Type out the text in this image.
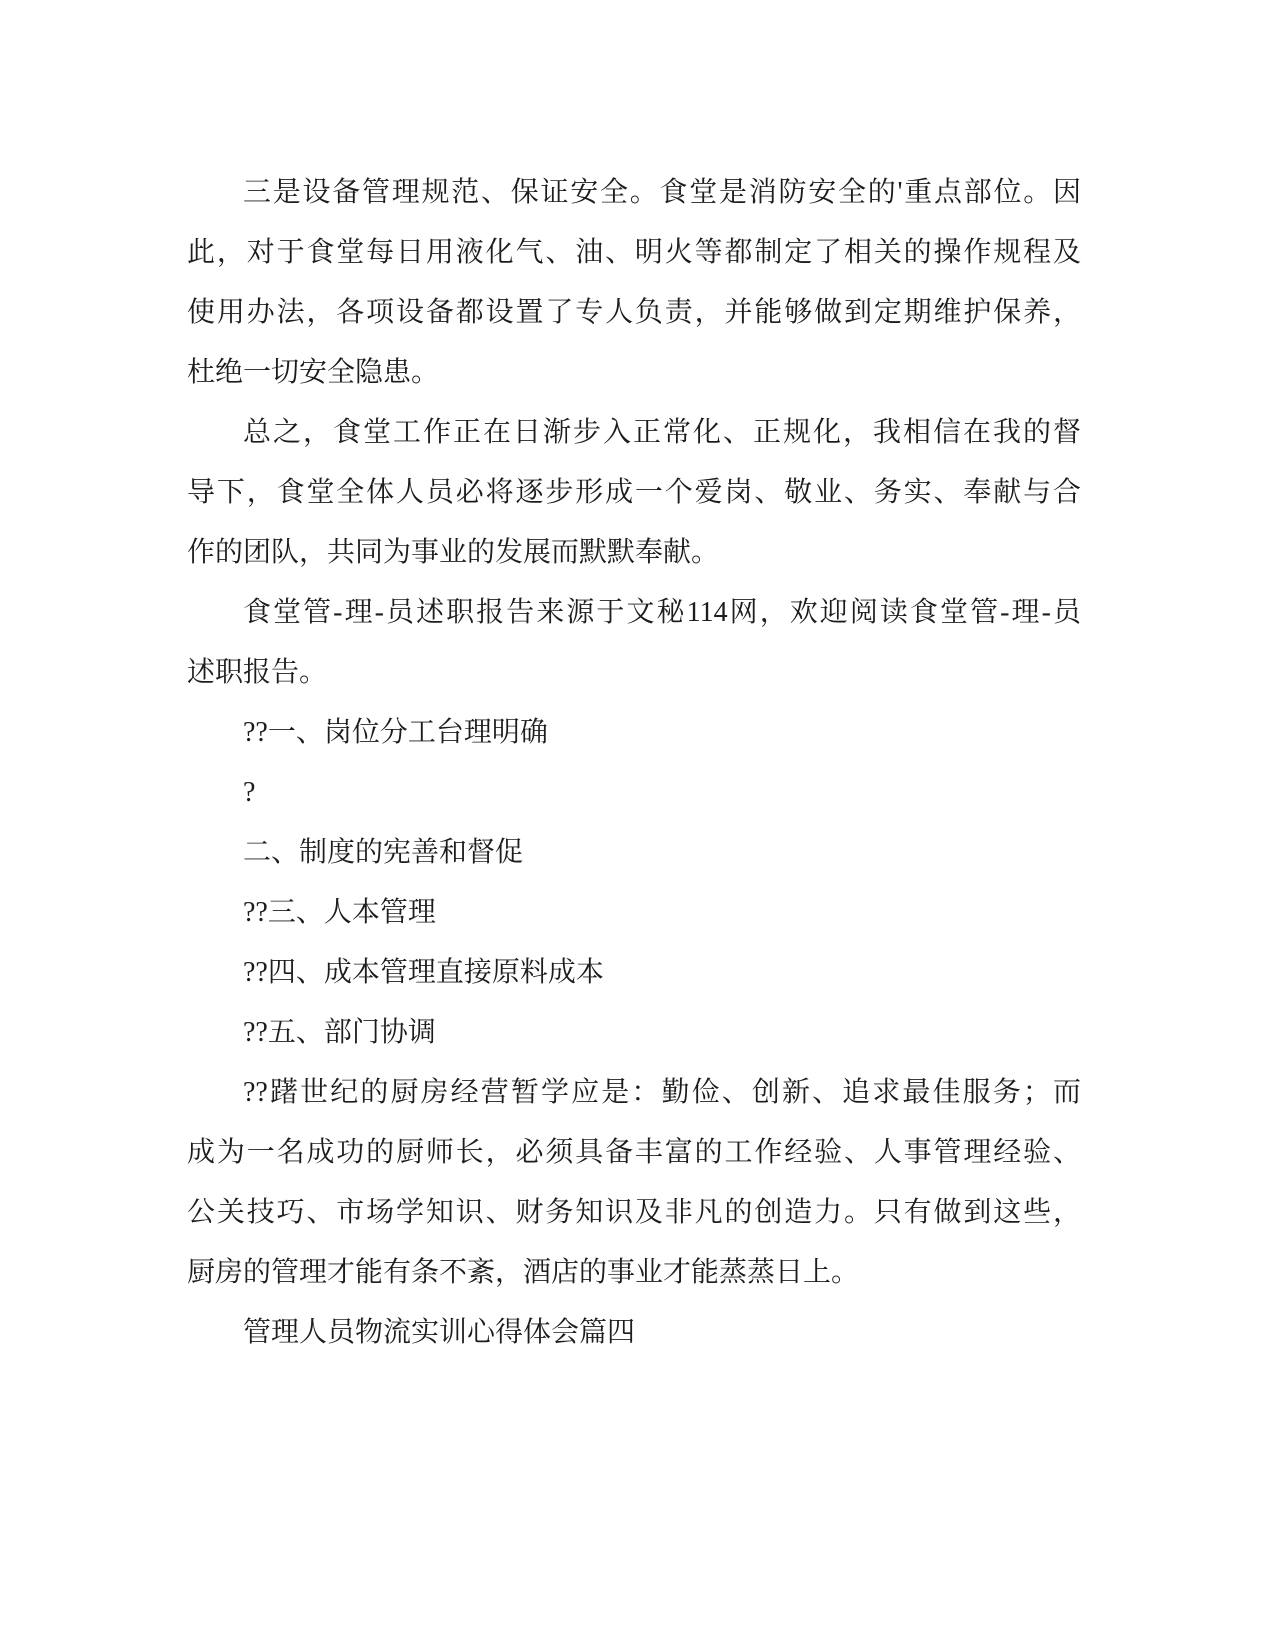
三是设备管理规范、保证安全。食堂是消防安全的'重点部位。因
此，对于食堂每日用液化气、油、明火等都制定了相关的操作规程及
使用办法，各项设备都设置了专人负责，并能够做到定期维护保养，
杜绝一切安全隐患。
总之，食堂工作正在日渐步入正常化、正规化，我相信在我的督
导下，食堂全体人员必将逐步形成一个爱岗、敬业、务实、奉献与合
作的团队，共同为事业的发展而默默奉献。
食堂管-理-员述职报告来源于文秘114网，欢迎阅读食堂管-理-员
述职报告。
??一、岗位分工台理明确
?
二、制度的宪善和督促
??三、人本管理
??四、成本管理直接原料成本
??五、部门协调
??躇世纪的厨房经营暂学应是：勤俭、创新、追求最佳服务；而
成为一名成功的厨师长，必须具备丰富的工作经验、人事管理经验、
公关技巧、市场学知识、财务知识及非凡的创造力。只有做到这些，
厨房的管理才能有条不紊，酒店的事业才能蒸蒸日上。
管理人员物流实训心得体会篇四
